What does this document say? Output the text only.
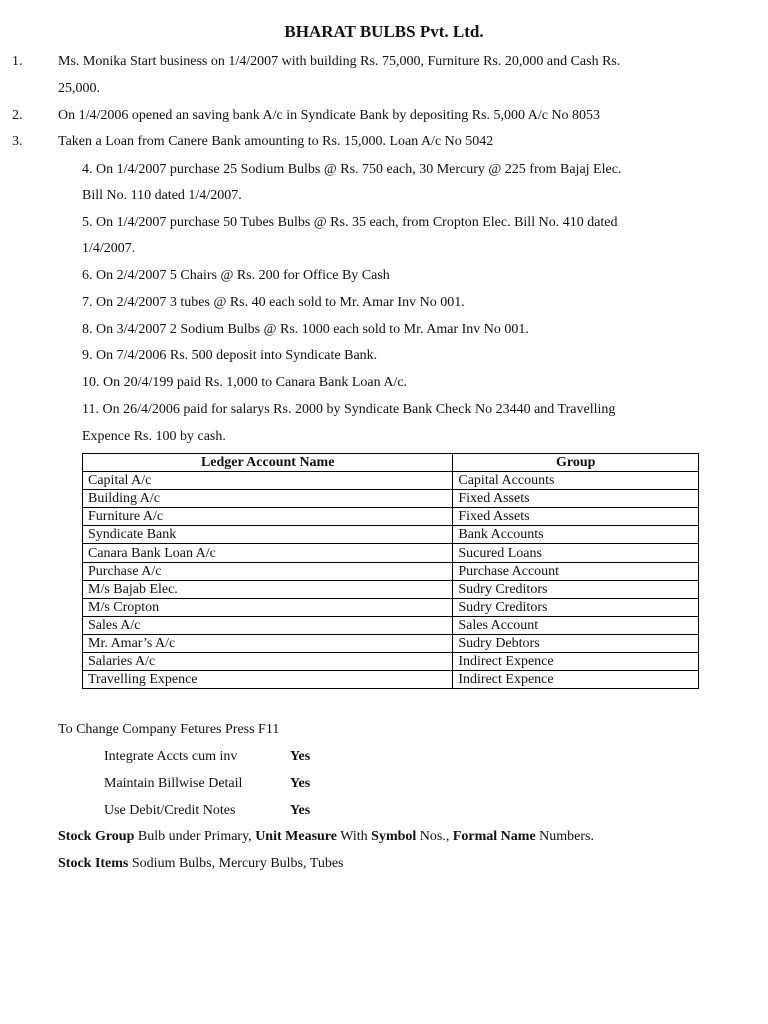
BHARAT BULBS Pvt. Ltd.
1.	Ms. Monika Start business on 1/4/2007 with building Rs. 75,000, Furniture Rs. 20,000 and Cash Rs.
25,000.
2.	On 1/4/2006 opened an saving bank A/c in Syndicate Bank by depositing Rs. 5,000 A/c No 8053
3.	Taken a Loan from Canere Bank amounting to Rs. 15,000. Loan A/c No 5042
4. On 1/4/2007 purchase 25 Sodium Bulbs @ Rs. 750 each, 30 Mercury @ 225 from Bajaj Elec.
Bill No. 110 dated 1/4/2007.
5. On 1/4/2007 purchase 50 Tubes Bulbs @ Rs. 35 each, from Cropton Elec. Bill No. 410 dated
1/4/2007.
6. On 2/4/2007 5 Chairs @ Rs. 200 for Office By Cash
7. On 2/4/2007 3 tubes @ Rs. 40 each sold to Mr. Amar Inv No 001.
8. On 3/4/2007 2 Sodium Bulbs @ Rs. 1000 each sold to Mr. Amar Inv No 001.
9. On 7/4/2006 Rs. 500 deposit into Syndicate Bank.
10. On 20/4/199 paid Rs. 1,000 to Canara Bank Loan A/c.
11. On 26/4/2006 paid for salarys Rs. 2000 by Syndicate Bank Check No 23440 and Travelling
Expence Rs. 100 by cash.
Ledger Account Name	Group
Capital A/c	Capital Accounts
Building A/c	Fixed Assets
Furniture A/c	Fixed Assets
Syndicate Bank	Bank Accounts
Canara Bank Loan A/c	Sucured Loans
Purchase A/c	Purchase Account
M/s Bajab Elec.	Sudry Creditors
M/s Cropton	Sudry Creditors
Sales A/c	Sales Account
Mr. Amar’s A/c	Sudry Debtors
Salaries A/c	Indirect Expence
Travelling Expence	Indirect Expence
To Change Company Fetures Press F11
Integrate Accts cum inv	Yes
Maintain Billwise Detail	Yes
Use Debit/Credit Notes	Yes
Stock Group Bulb under Primary, Unit Measure With Symbol Nos., Formal Name Numbers.
Stock Items Sodium Bulbs, Mercury Bulbs, Tubes
